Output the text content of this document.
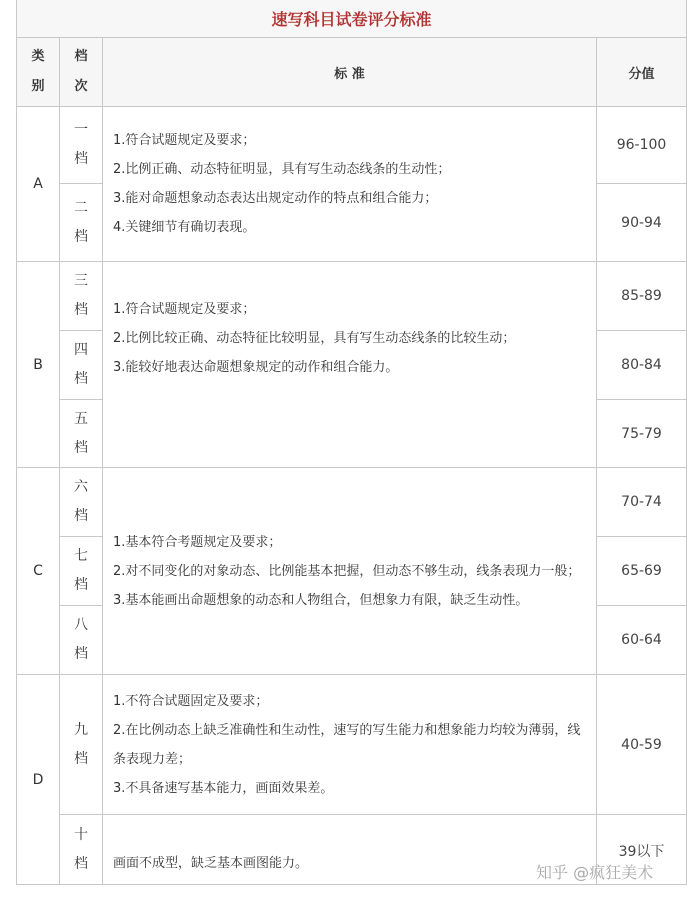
速写科目试卷评分标准
类别
档次
标 准	分值
A
B
C
D
一档
二档
三档
四档
五档
六档
七档
八档
九档
十档
1.符合试题规定及要求；
2.比例正确、动态特征明显，具有写生动态线条的生动性；
3.能对命题想象动态表达出规定动作的特点和组合能力；
4.关键细节有确切表现。
1.符合试题规定及要求；
2.比例比较正确、动态特征比较明显，具有写生动态线条的比较生动；
3.能较好地表达命题想象规定的动作和组合能力。
1.基本符合考题规定及要求；
2.对不同变化的对象动态、比例能基本把握，但动态不够生动，线条表现力一般；
3.基本能画出命题想象的动态和人物组合，但想象力有限，缺乏生动性。
1.不符合试题固定及要求；
2.在比例动态上缺乏准确性和生动性，速写的写生能力和想象能力均较为薄弱，线条表现力差；
3.不具备速写基本能力，画面效果差。
画面不成型，缺乏基本画图能力。
96-100
90-94
85-89
80-84
75-79
70-74
65-69
60-64
40-59
39以下
知乎 @疯狂美术
